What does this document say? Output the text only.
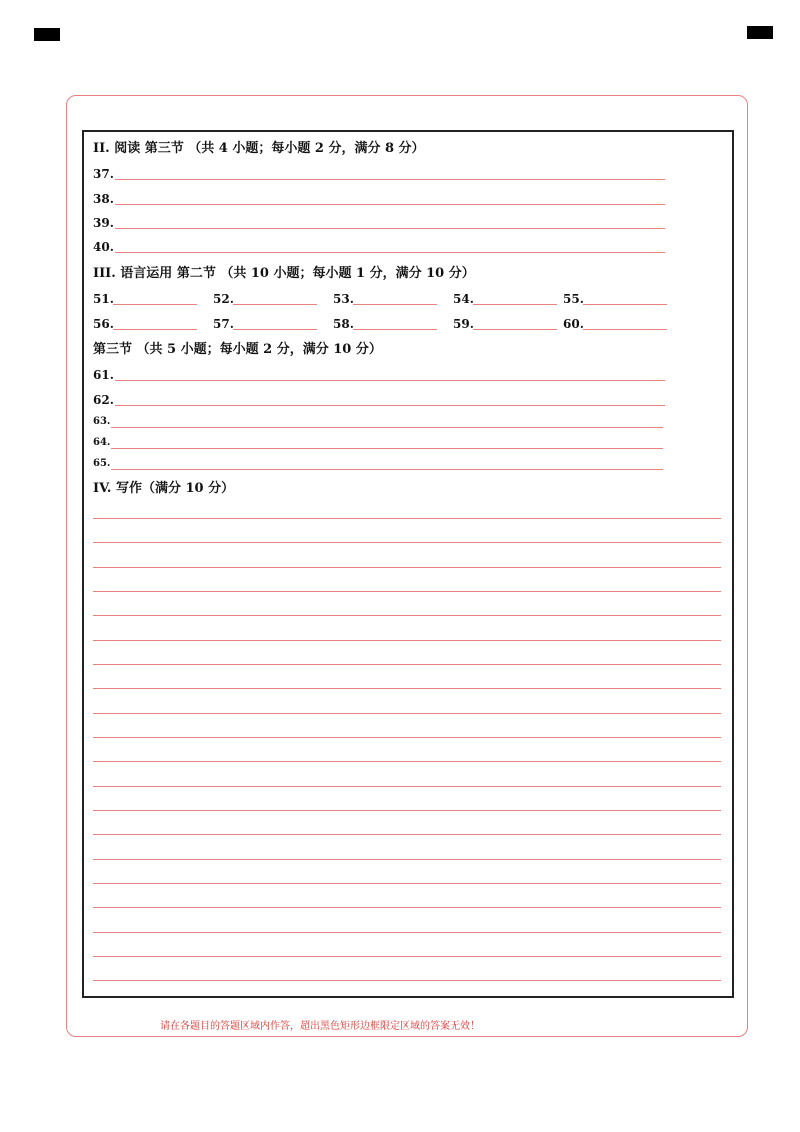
II. 阅读 第三节 （共 4 小题；每小题 2 分，满分 8 分）
37.
38.
39.
40.
III. 语言运用 第二节 （共 10 小题；每小题 1 分，满分 10 分）
51.	52.	53.	54.	55.
56.	57.	58.	59.	60.
第三节 （共 5 小题；每小题 2 分，满分 10 分）
61.
62.
63.
64.
65.
IV. 写作（满分 10 分）
请在各题目的答题区域内作答，超出黑色矩形边框限定区域的答案无效！
